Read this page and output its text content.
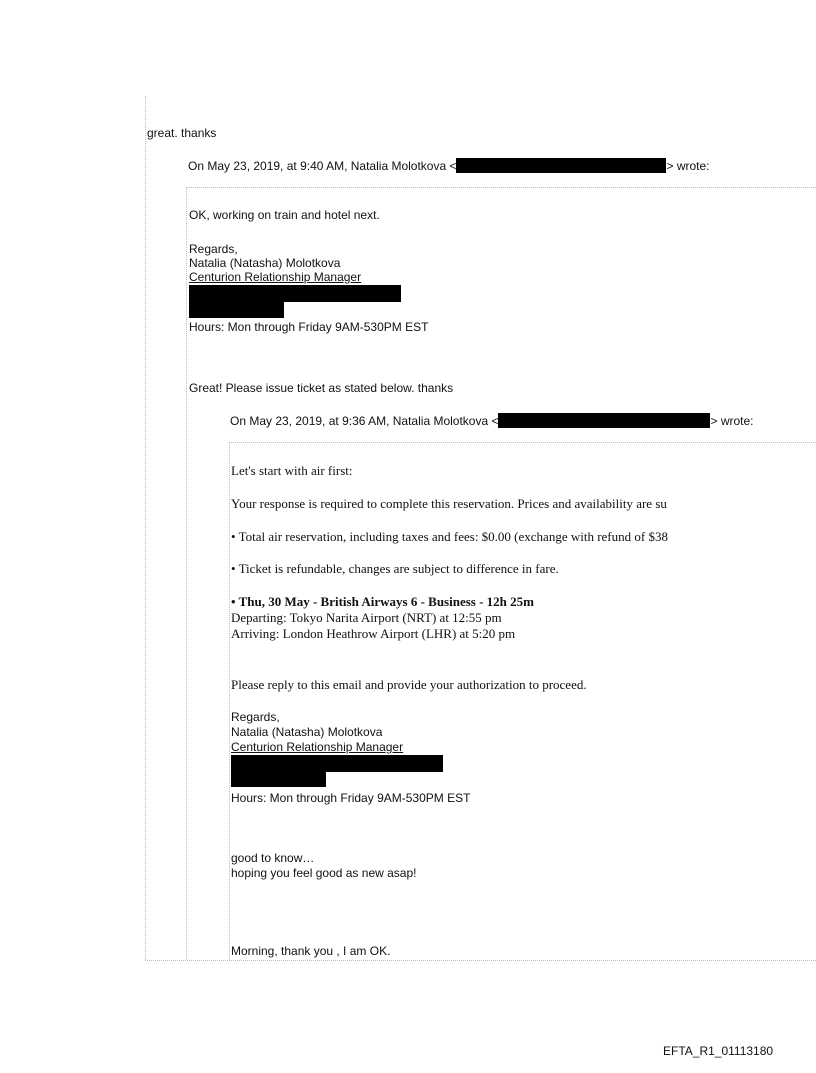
great. thanks
On May 23, 2019, at 9:40 AM, Natalia Molotkova <	> wrote:
OK, working on train and hotel next.
Regards,
Natalia (Natasha) Molotkova
Centurion Relationship Manager
Hours: Mon through Friday 9AM-530PM EST
Great! Please issue ticket as stated below. thanks
On May 23, 2019, at 9:36 AM, Natalia Molotkova <	> wrote:
Let's start with air first:
Your response is required to complete this reservation. Prices and availability are su
• Total air reservation, including taxes and fees: $0.00 (exchange with refund of $38
• Ticket is refundable, changes are subject to difference in fare.
• Thu, 30 May - British Airways 6 - Business - 12h 25m
Departing: Tokyo Narita Airport (NRT) at 12:55 pm
Arriving: London Heathrow Airport (LHR) at 5:20 pm
Please reply to this email and provide your authorization to proceed.
Regards,
Natalia (Natasha) Molotkova
Centurion Relationship Manager
Hours: Mon through Friday 9AM-530PM EST
good to know…
hoping you feel good as new asap!
Morning, thank you , I am OK.
EFTA_R1_01113180
